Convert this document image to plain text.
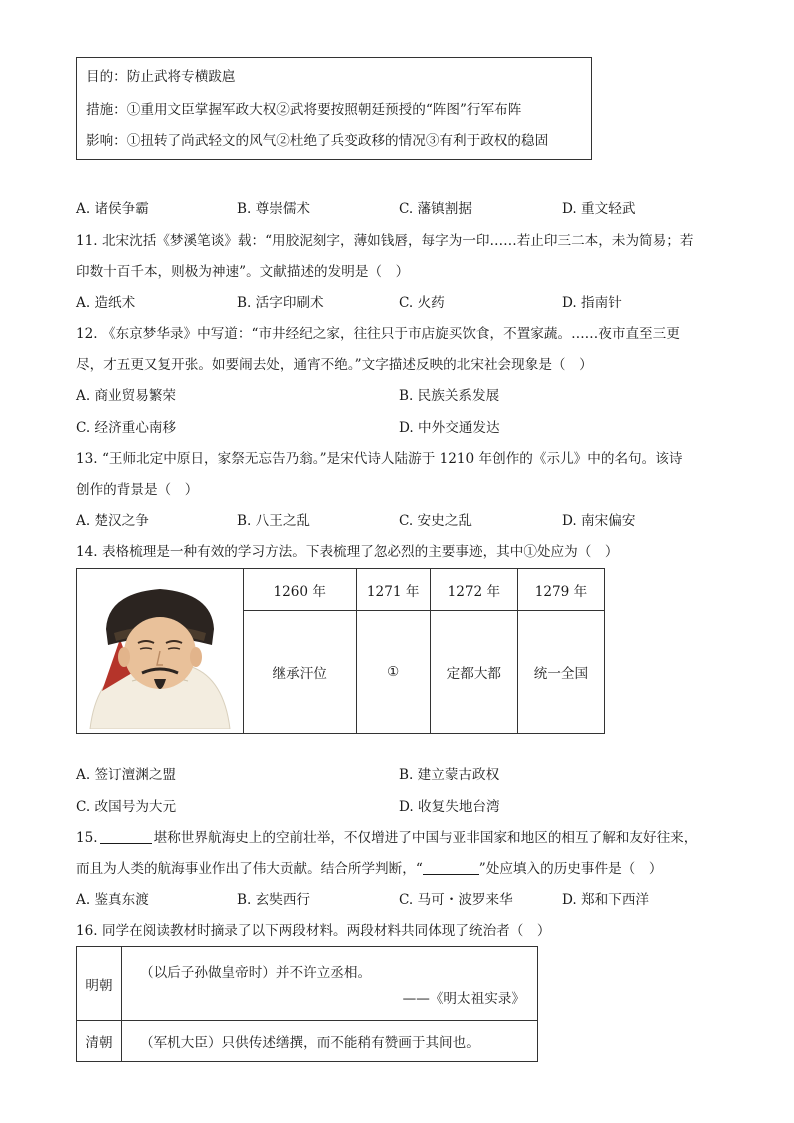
目的：防止武将专横跋扈
措施：①重用文臣掌握军政大权②武将要按照朝廷预授的“阵图”行军布阵
影响：①扭转了尚武轻文的风气②杜绝了兵变政移的情况③有利于政权的稳固
A. 诸侯争霸	B. 尊崇儒术	C. 藩镇割据	D. 重文轻武
11. 北宋沈括《梦溪笔谈》载：“用胶泥刻字，薄如钱唇，每字为一印……若止印三二本，未为简易；若
印数十百千本，则极为神速”。文献描述的发明是（　）
A. 造纸术	B. 活字印刷术	C. 火药	D. 指南针
12. 《东京梦华录》中写道：“市井经纪之家，往往只于市店旋买饮食，不置家蔬。……夜市直至三更
尽，才五更又复开张。如要闹去处，通宵不绝。”文字描述反映的北宋社会现象是（　）
A. 商业贸易繁荣	B. 民族关系发展
C. 经济重心南移	D. 中外交通发达
13. “王师北定中原日，家祭无忘告乃翁。”是宋代诗人陆游于 1210 年创作的《示儿》中的名句。该诗
创作的背景是（　）
A. 楚汉之争	B. 八王之乱	C. 安史之乱	D. 南宋偏安
14. 表格梳理是一种有效的学习方法。下表梳理了忽必烈的主要事迹，其中①处应为（　）
	1260 年	1271 年	1272 年	1279 年
	继承汗位	①	定都大都	统一全国
A. 签订澶渊之盟	B. 建立蒙古政权
C. 改国号为大元	D. 收复失地台湾
15.	堪称世界航海史上的空前壮举，不仅增进了中国与亚非国家和地区的相互了解和友好往来，
而且为人类的航海事业作出了伟大贡献。结合所学判断，“	”处应填入的历史事件是（　）
A. 鉴真东渡	B. 玄奘西行	C. 马可・波罗来华	D. 郑和下西洋
16. 同学在阅读教材时摘录了以下两段材料。两段材料共同体现了统治者（　）
明朝	（以后子孙做皇帝时）并不许立丞相。
——《明太祖实录》

清朝	（军机大臣）只供传述缮撰，而不能稍有赞画于其间也。
